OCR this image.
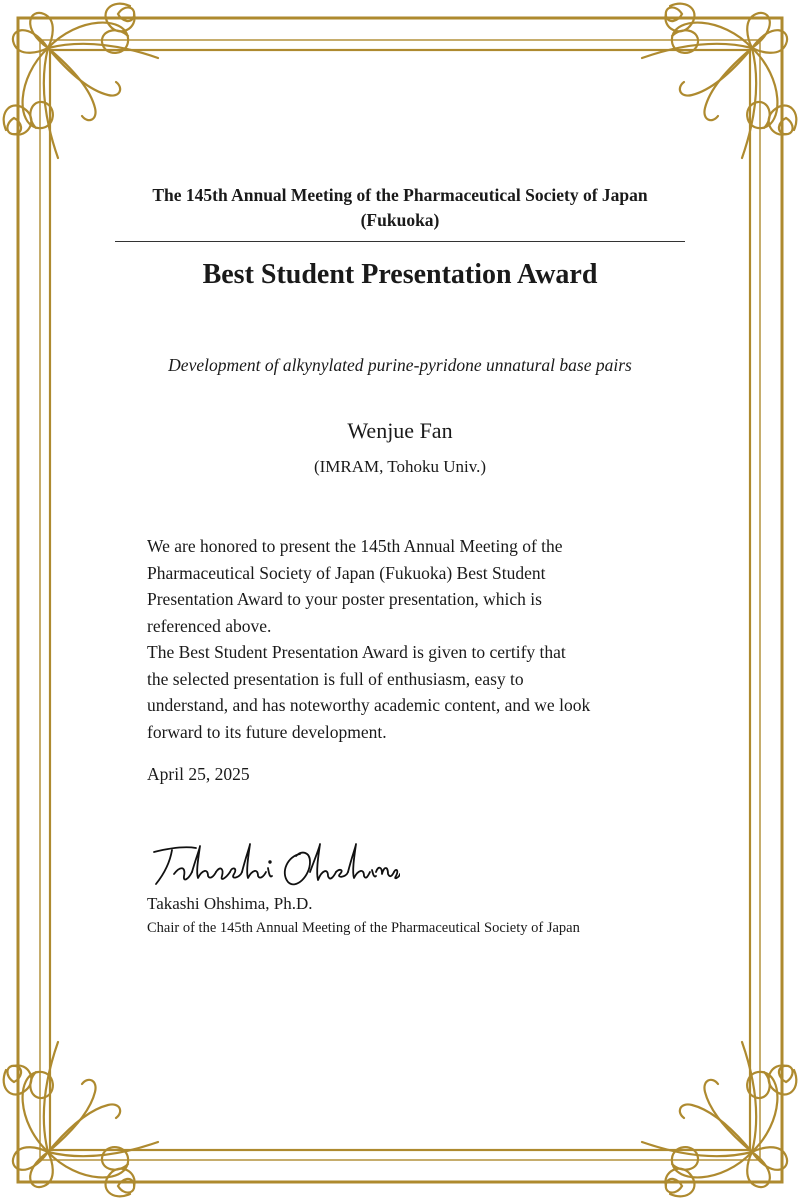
The 145th Annual Meeting of the Pharmaceutical Society of Japan
(Fukuoka)
Best Student Presentation Award
Development of alkynylated purine-pyridone unnatural base pairs
Wenjue Fan
(IMRAM, Tohoku Univ.)
We are honored to present the 145th Annual Meeting of the
Pharmaceutical Society of Japan (Fukuoka) Best Student
Presentation Award to your poster presentation, which is
referenced above.
The Best Student Presentation Award is given to certify that
the selected presentation is full of enthusiasm, easy to
understand, and has noteworthy academic content, and we look
forward to its future development.
April 25, 2025
Takashi Ohshima, Ph.D.
Chair of the 145th Annual Meeting of the Pharmaceutical Society of Japan
